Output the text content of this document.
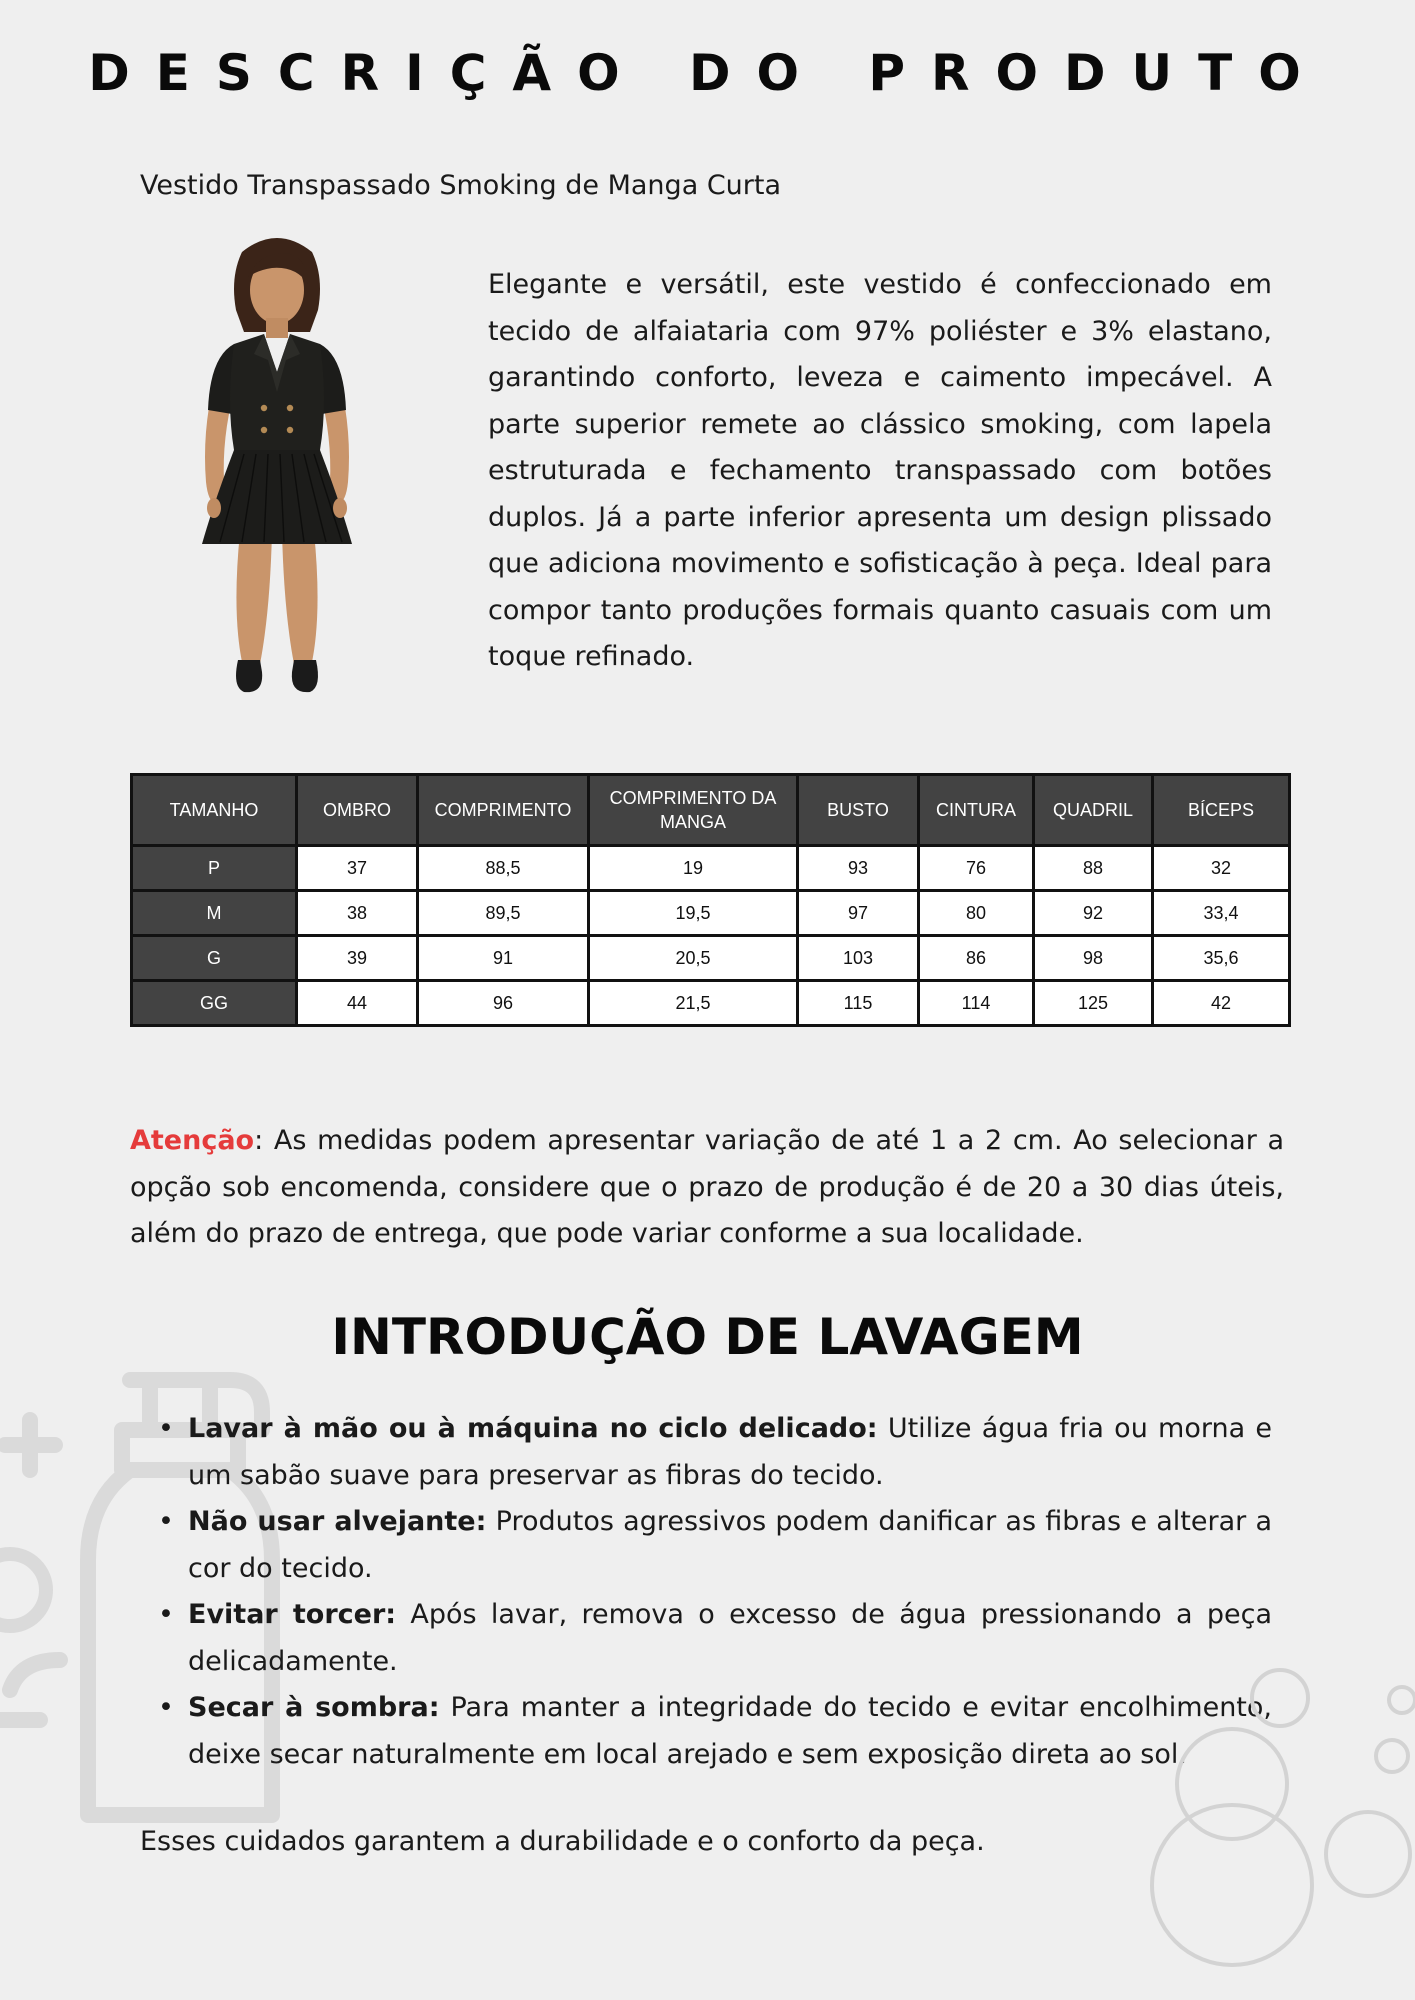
DESCRIÇÃO DO PRODUTO
Vestido Transpassado Smoking de Manga Curta
Elegante e versátil, este vestido é confeccionado em tecido de alfaiataria com 97% poliéster e 3% elastano, garantindo conforto, leveza e caimento impecável. A parte superior remete ao clássico smoking, com lapela estruturada e fechamento transpassado com botões duplos. Já a parte inferior apresenta um design plissado que adiciona movimento e sofisticação à peça. Ideal para compor tanto produções formais quanto casuais com um toque refinado.
TAMANHO	OMBRO	COMPRIMENTO	COMPRIMENTO DA MANGA	BUSTO	CINTURA	QUADRIL	BÍCEPS
P	37	88,5	19	93	76	88	32
M	38	89,5	19,5	97	80	92	33,4
G	39	91	20,5	103	86	98	35,6
GG	44	96	21,5	115	114	125	42
Atenção: As medidas podem apresentar variação de até 1 a 2 cm. Ao selecionar a opção sob encomenda, considere que o prazo de produção é de 20 a 30 dias úteis, além do prazo de entrega, que pode variar conforme a sua localidade.
INTRODUÇÃO DE LAVAGEM
• Lavar à mão ou à máquina no ciclo delicado: Utilize água fria ou morna e um sabão suave para preservar as fibras do tecido.
• Não usar alvejante: Produtos agressivos podem danificar as fibras e alterar a cor do tecido.
• Evitar torcer: Após lavar, remova o excesso de água pressionando a peça delicadamente.
• Secar à sombra: Para manter a integridade do tecido e evitar encolhimento, deixe secar naturalmente em local arejado e sem exposição direta ao sol.
Esses cuidados garantem a durabilidade e o conforto da peça.
